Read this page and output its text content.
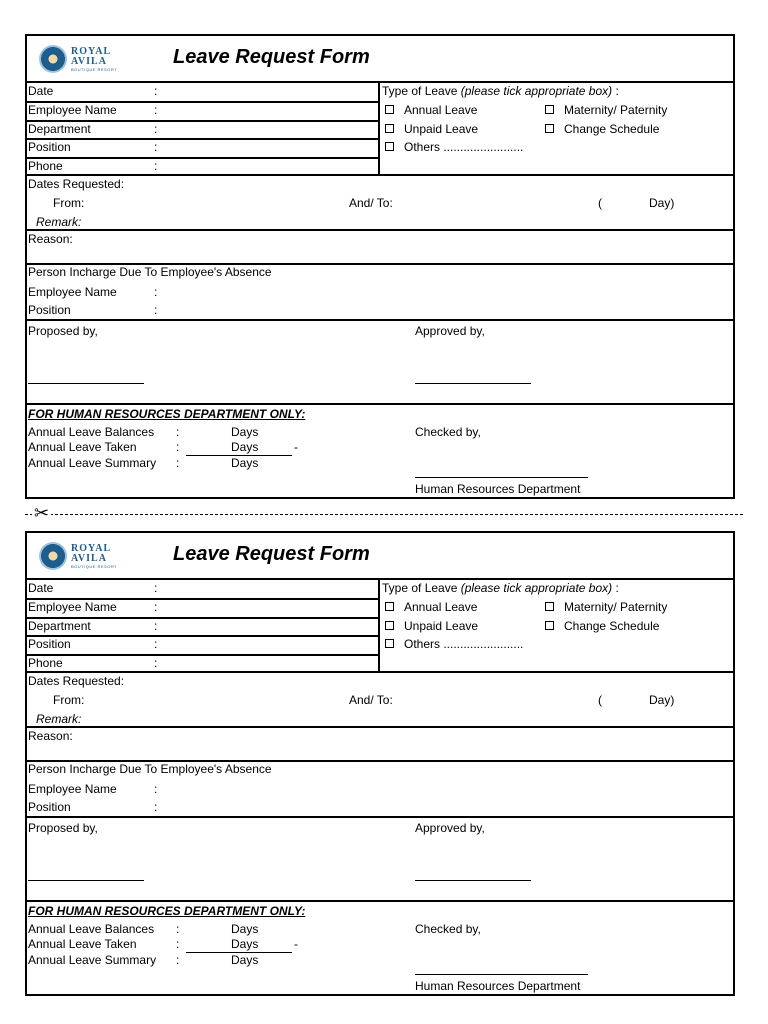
ROYAL
AVILA
BOUTIQUE RESORT
Leave Request Form
Date	:
Employee Name	:
Department	:
Position	:
Phone	:
Type of Leave (please tick appropriate box) :
Annual Leave	Maternity/ Paternity
Unpaid Leave	Change Schedule
Others ........................
Dates Requested:
From:	And/ To:	(	Day)
Remark:
Reason:
Person Incharge Due To Employee's Absence
Employee Name	:
Position	:
Proposed by,	Approved by,
FOR HUMAN RESOURCES DEPARTMENT ONLY:
Annual Leave Balances :	Days
Annual Leave Taken	:	Days	-
Annual Leave Summary :	Days
Checked by,
Human Resources Department
✂
ROYAL
AVILA
BOUTIQUE RESORT
Leave Request Form
Date	:
Employee Name	:
Department	:
Position	:
Phone	:
Type of Leave (please tick appropriate box) :
Annual Leave	Maternity/ Paternity
Unpaid Leave	Change Schedule
Others ........................
Dates Requested:
From:	And/ To:	(	Day)
Remark:
Reason:
Person Incharge Due To Employee's Absence
Employee Name	:
Position	:
Proposed by,	Approved by,
FOR HUMAN RESOURCES DEPARTMENT ONLY:
Annual Leave Balances :	Days
Annual Leave Taken	:	Days	-
Annual Leave Summary :	Days
Checked by,
Human Resources Department
